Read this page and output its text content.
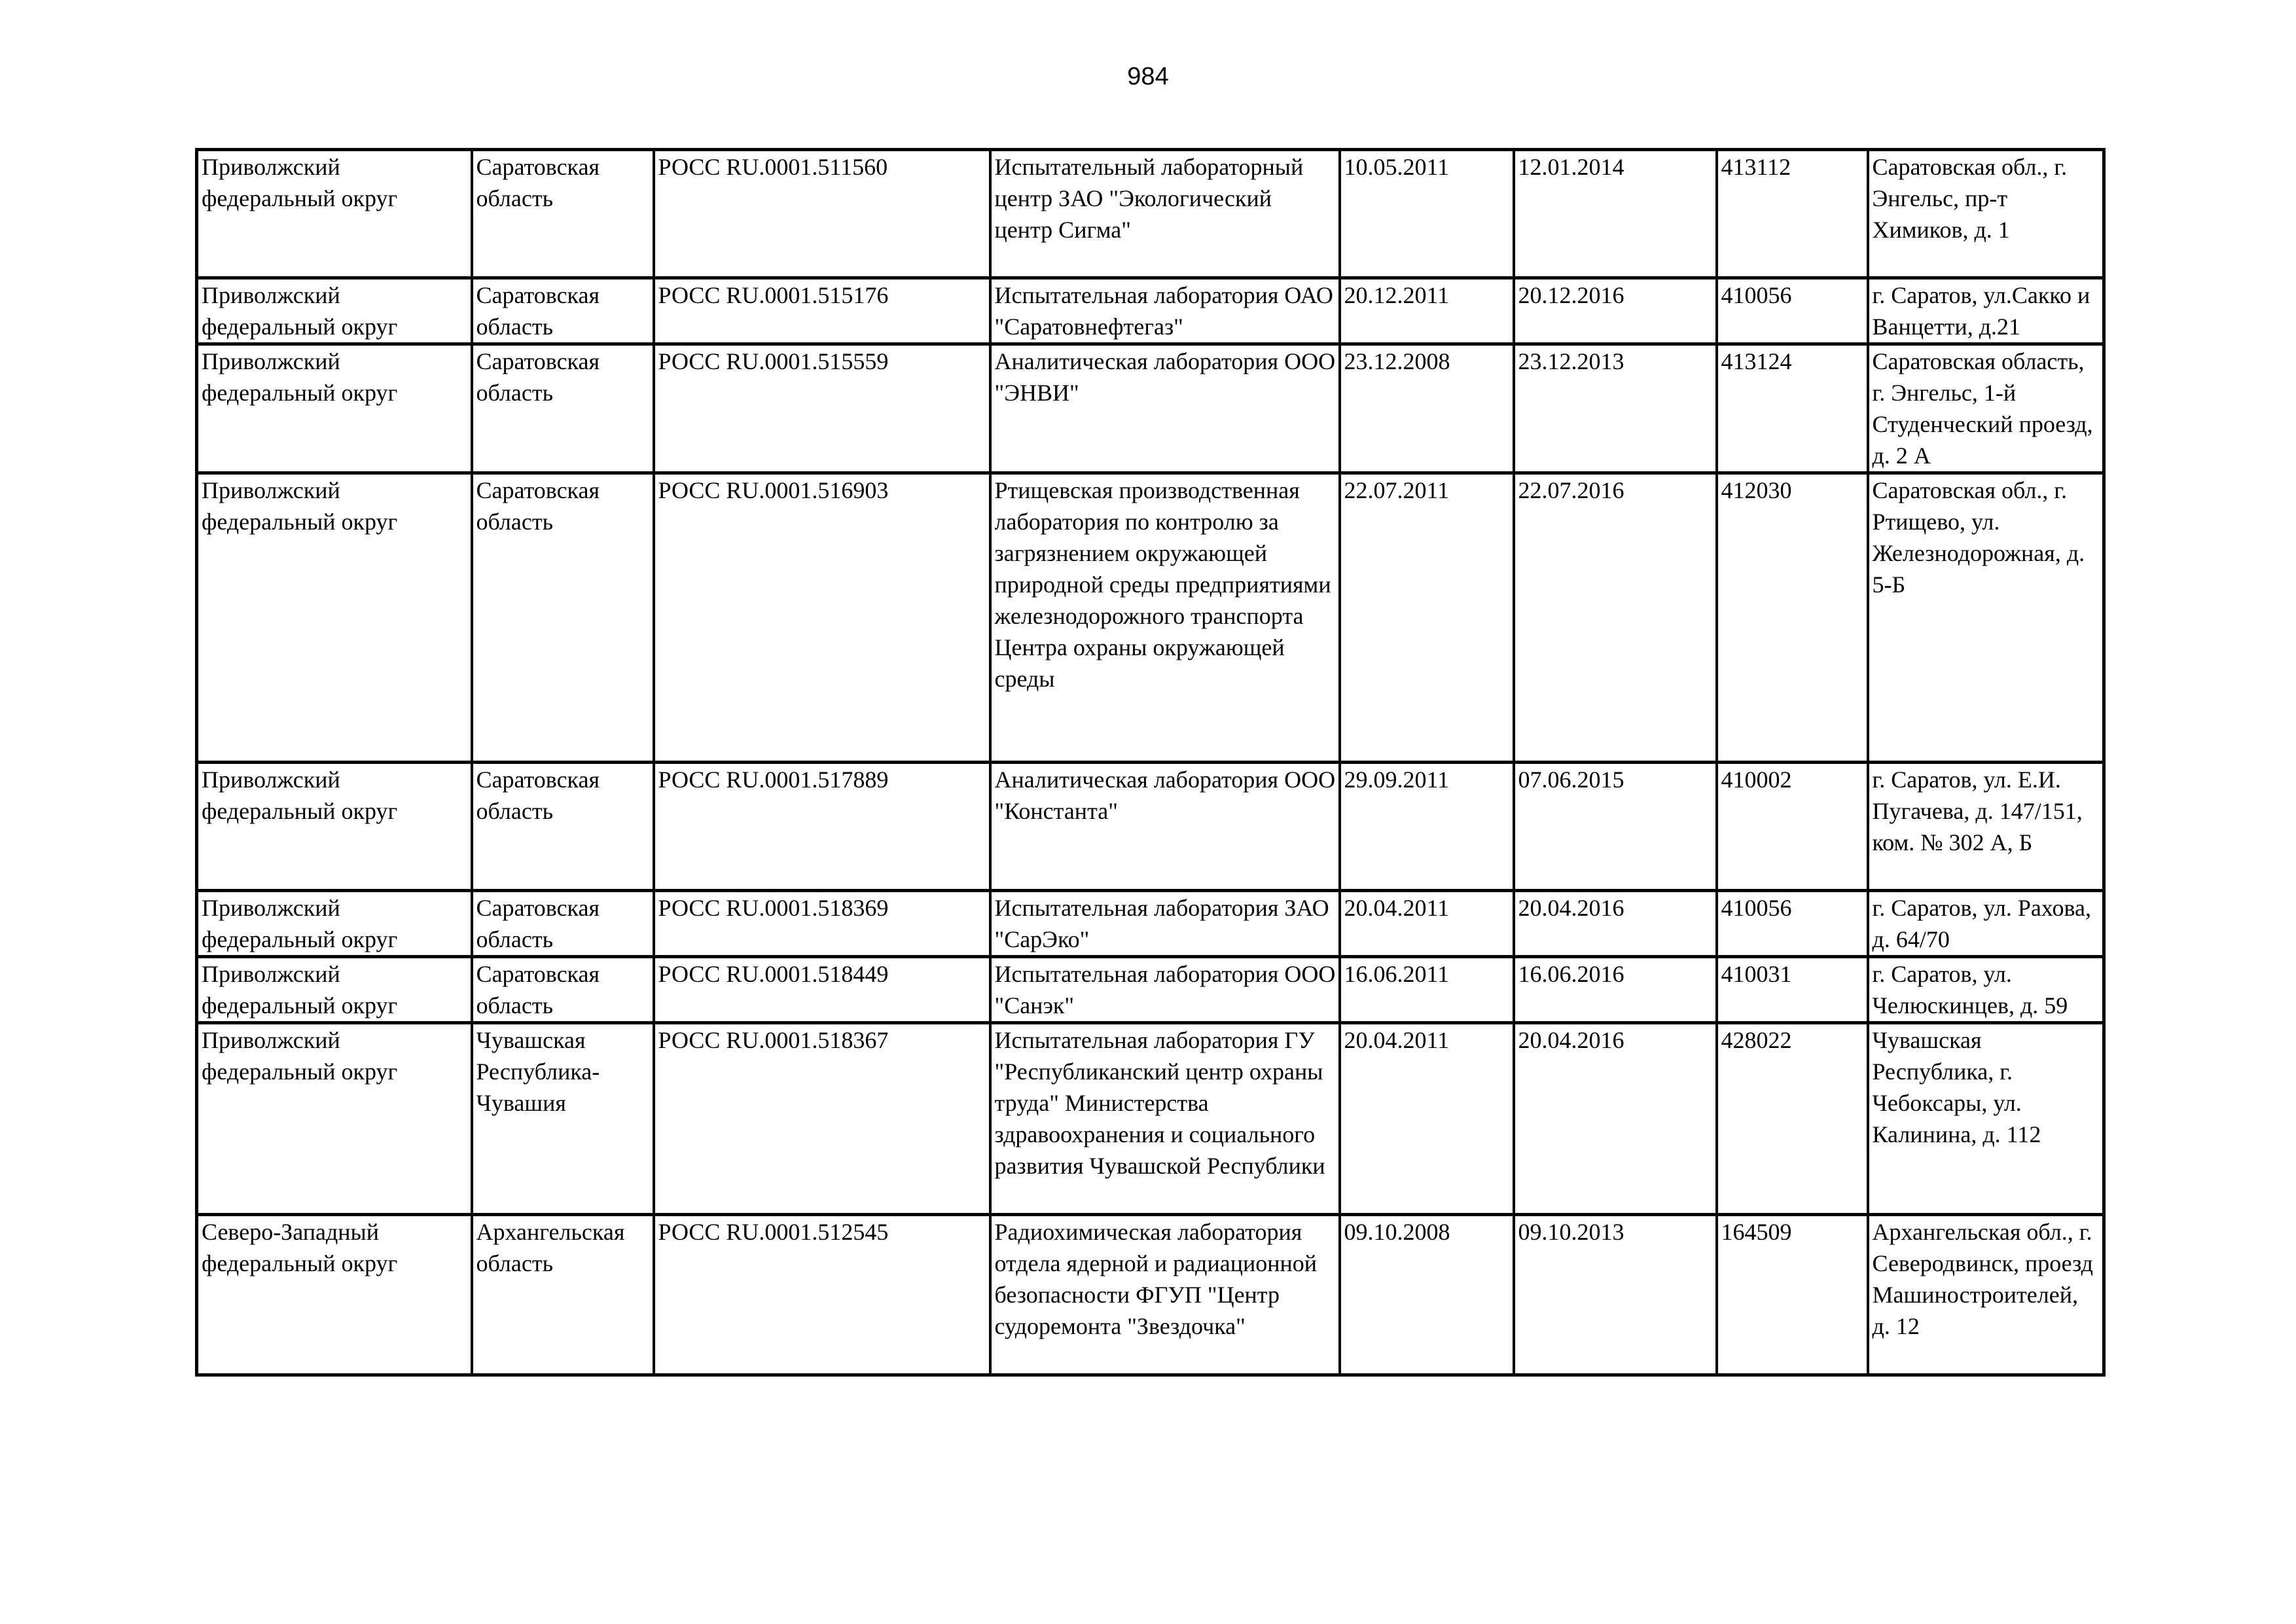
984
Приволжский федеральный округ	Саратовская область	РОСС RU.0001.511560	Испытательный лабораторный центр ЗАО "Экологический центр Сигма"	10.05.2011	12.01.2014	413112	Саратовская обл., г. Энгельс, пр-т Химиков, д. 1
Приволжский федеральный округ	Саратовская область	РОСС RU.0001.515176	Испытательная лаборатория ОАО "Саратовнефтегаз"	20.12.2011	20.12.2016	410056	г. Саратов, ул.Сакко и Ванцетти, д.21
Приволжский федеральный округ	Саратовская область	РОСС RU.0001.515559	Аналитическая лаборатория ООО "ЭНВИ"	23.12.2008	23.12.2013	413124	Саратовская область, г. Энгельс, 1-й Студенческий проезд, д. 2 А
Приволжский федеральный округ	Саратовская область	РОСС RU.0001.516903	Ртищевская производственная лаборатория по контролю за загрязнением окружающей природной среды предприятиями железнодорожного транспорта Центра охраны окружающей среды	22.07.2011	22.07.2016	412030	Саратовская обл., г. Ртищево, ул. Железнодорожная, д. 5-Б
Приволжский федеральный округ	Саратовская область	РОСС RU.0001.517889	Аналитическая лаборатория ООО "Константа"	29.09.2011	07.06.2015	410002	г. Саратов, ул. Е.И. Пугачева, д. 147/151, ком. № 302 А, Б
Приволжский федеральный округ	Саратовская область	РОСС RU.0001.518369	Испытательная лаборатория ЗАО "СарЭко"	20.04.2011	20.04.2016	410056	г. Саратов, ул. Рахова, д. 64/70
Приволжский федеральный округ	Саратовская область	РОСС RU.0001.518449	Испытательная лаборатория ООО "Санэк"	16.06.2011	16.06.2016	410031	г. Саратов, ул. Челюскинцев, д. 59
Приволжский федеральный округ	Чувашская Республика-Чувашия	РОСС RU.0001.518367	Испытательная лаборатория ГУ "Республиканский центр охраны труда" Министерства здравоохранения и социального развития Чувашской Республики	20.04.2011	20.04.2016	428022	Чувашская Республика, г. Чебоксары, ул. Калинина, д. 112
Северо-Западный федеральный округ	Архангельская область	РОСС RU.0001.512545	Радиохимическая лаборатория отдела ядерной и радиационной безопасности ФГУП "Центр судоремонта "Звездочка"	09.10.2008	09.10.2013	164509	Архангельская обл., г. Северодвинск, проезд Машиностроителей, д. 12
